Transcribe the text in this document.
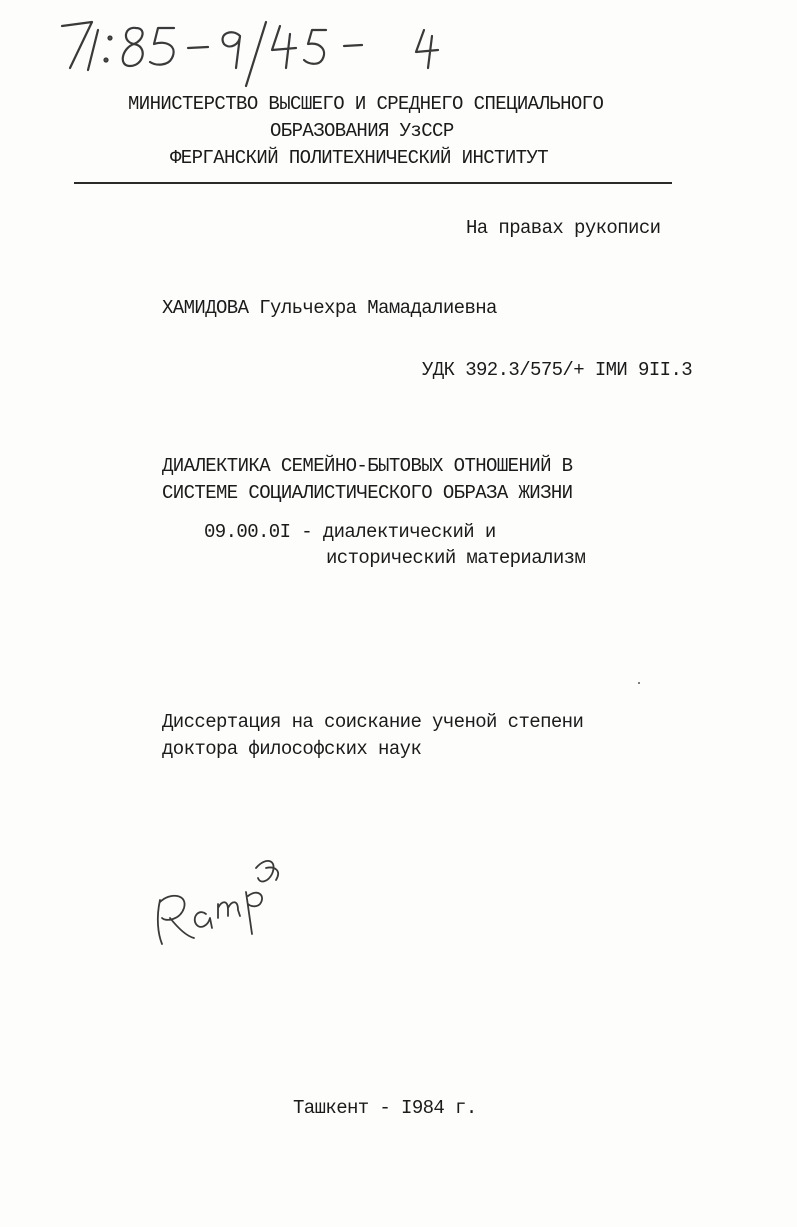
МИНИСТЕРСТВО ВЫСШЕГО И СРЕДНЕГО СПЕЦИАЛЬНОГО
ОБРАЗОВАНИЯ УзССР
ФЕРГАНСКИЙ ПОЛИТЕХНИЧЕСКИЙ ИНСТИТУТ
На правах рукописи
ХАМИДОВА Гульчехра Мамадалиевна
УДК 392.3/575/+ IМИ 9II.3
ДИАЛЕКТИКА СЕМЕЙНО-БЫТОВЫХ ОТНОШЕНИЙ В
СИСТЕМЕ СОЦИАЛИСТИЧЕСКОГО ОБРАЗА ЖИЗНИ
09.00.0I - диалектический и
исторический материализм
Диссертация на соискание ученой степени
доктора философских наук
Ташкент - I984 г.
